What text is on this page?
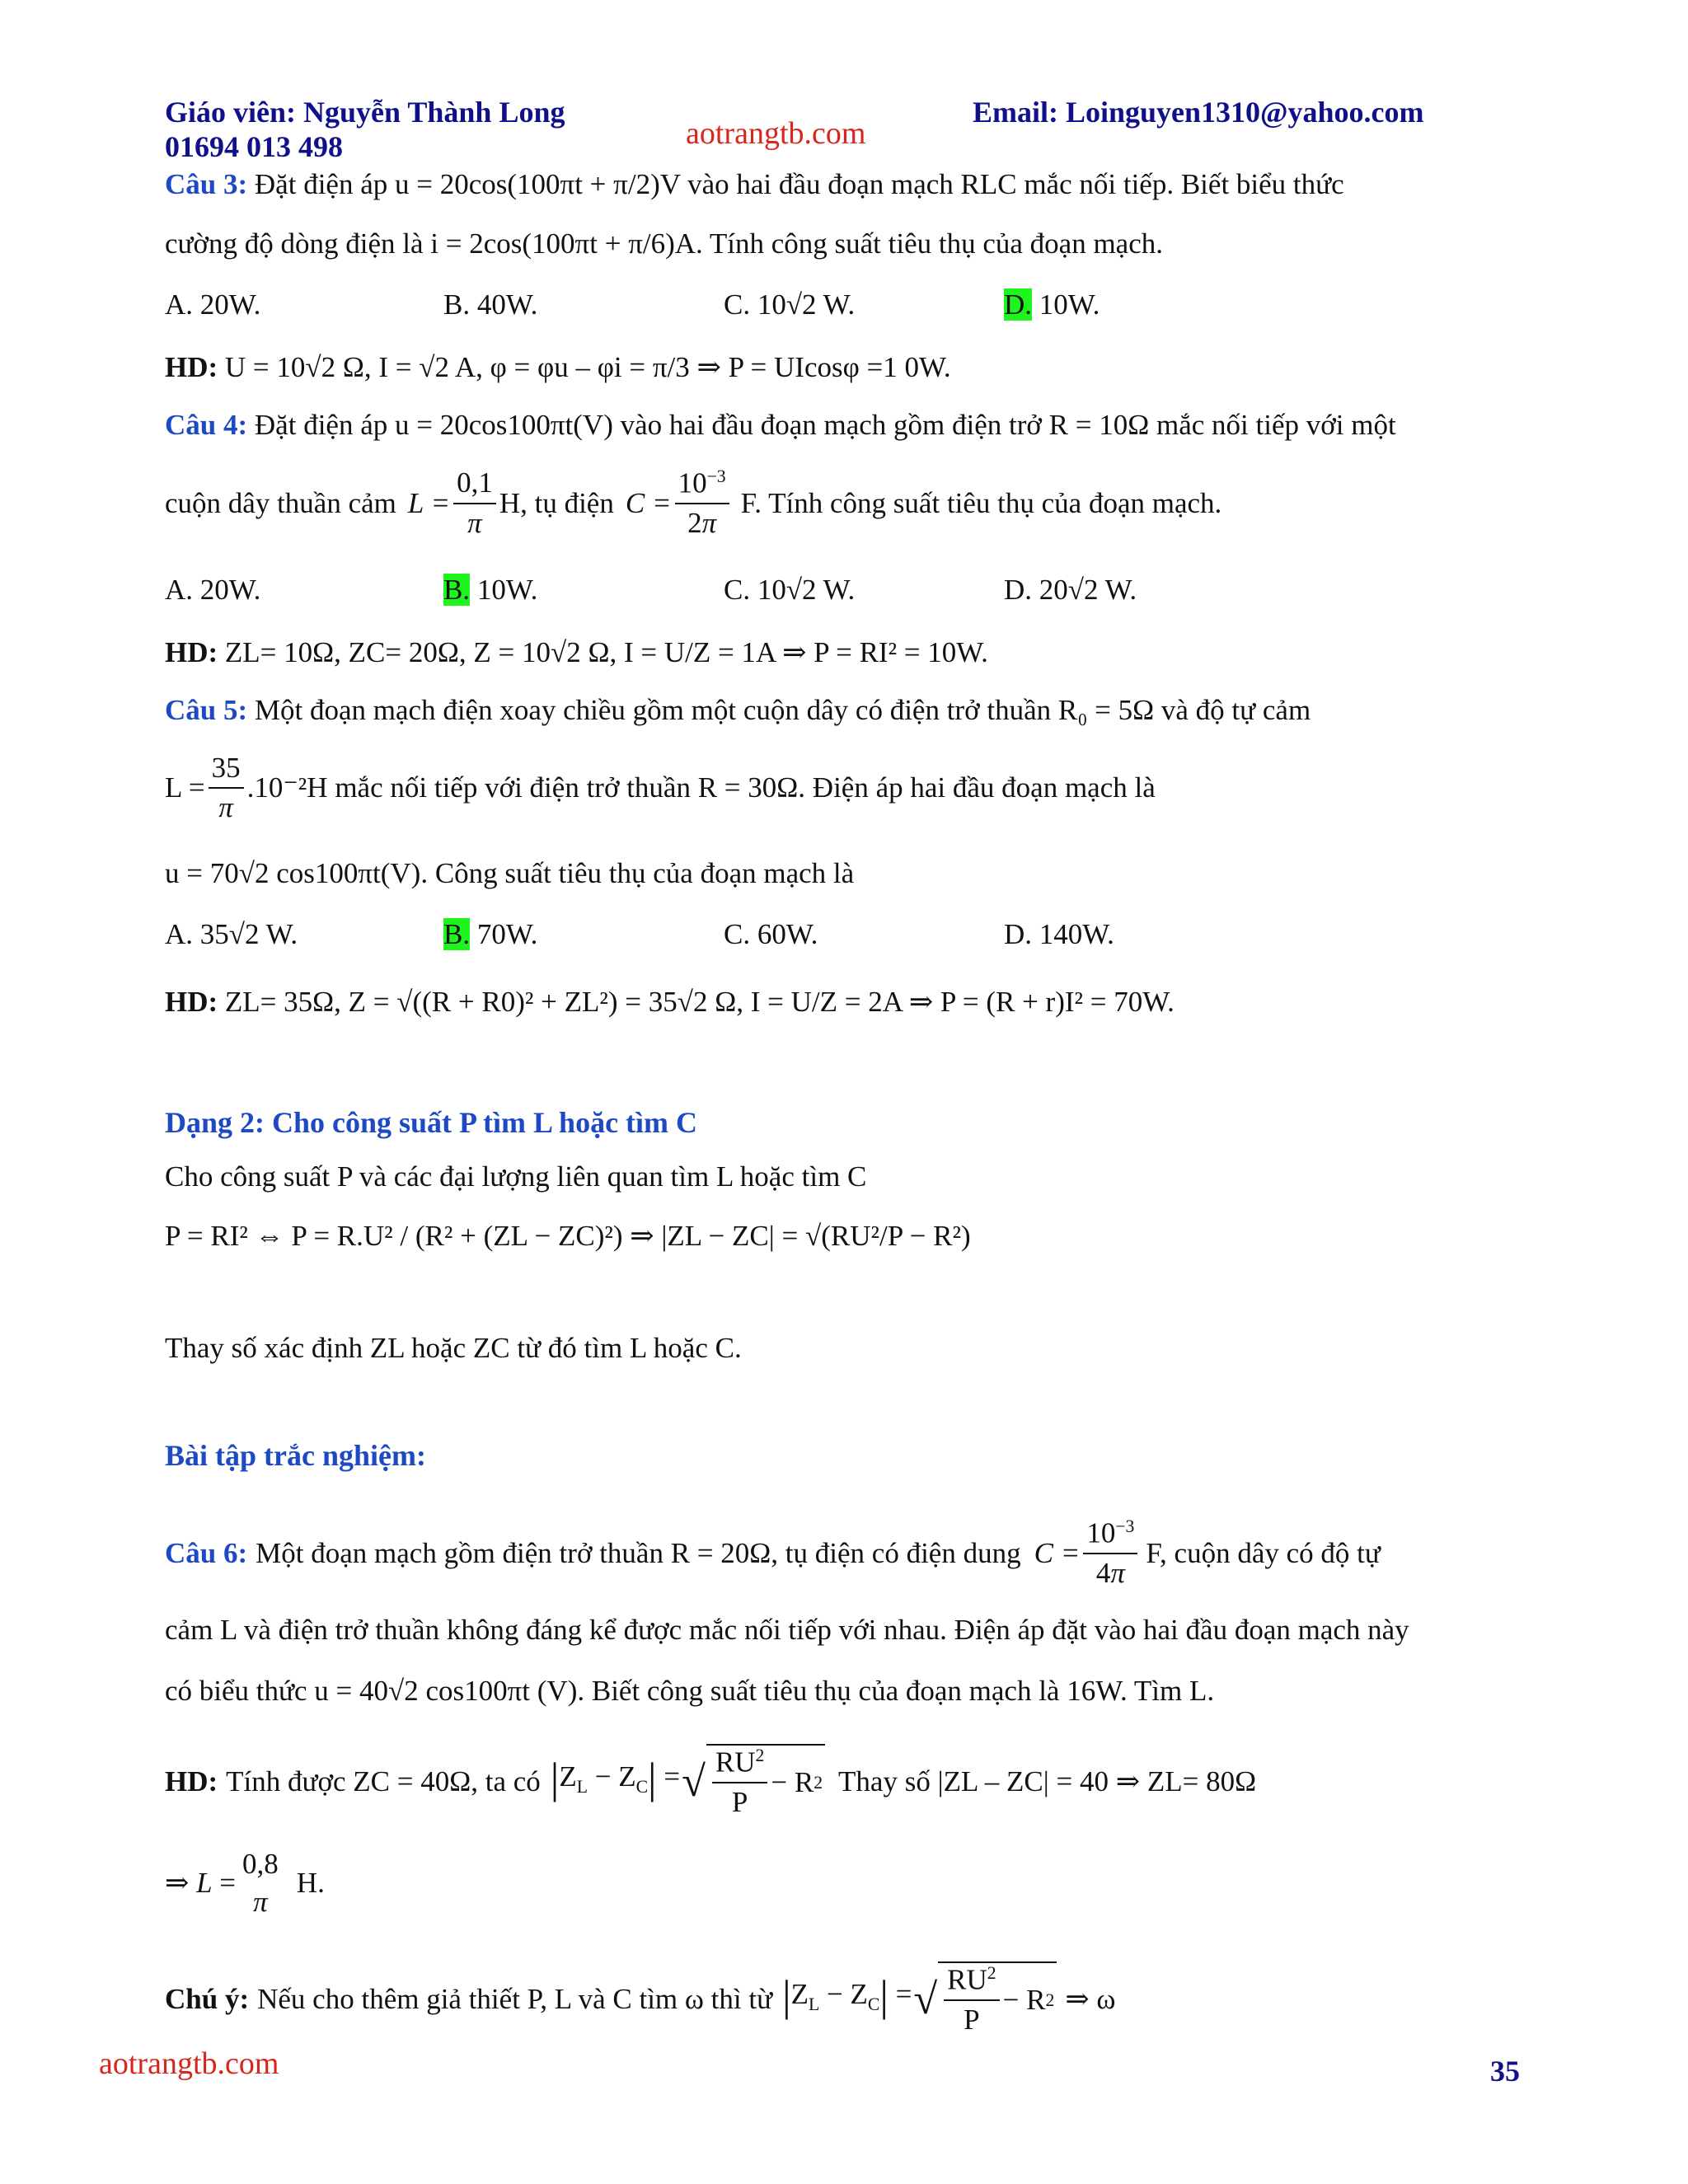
Giáo viên: Nguyễn Thành Long
01694 013 498	aotrangtb.com
Email: Loinguyen1310@yahoo.com
Câu 3: Đặt điện áp u = 20cos(100πt + π/2)V vào hai đầu đoạn mạch RLC mắc nối tiếp. Biết biểu thức
cường độ dòng điện là i = 2cos(100πt + π/6)A. Tính công suất tiêu thụ của đoạn mạch.
A. 20W.	B. 40W.	C. 10√2 W.	D. 10W.
HD: U = 10√2 Ω, I = √2 A, φ = φu – φi = π/3 ⇒ P = UIcosφ =1 0W.
Câu 4: Đặt điện áp u = 20cos100πt(V) vào hai đầu đoạn mạch gồm điện trở R = 10Ω mắc nối tiếp với một
cuộn dây thuần cảm $L = \frac{0,1}{\pi} H$, tụ điện $C = \frac{10^{-3}}{2\pi} F$. Tính công suất tiêu thụ của đoạn mạch.
A. 20W.	B. 10W.	C. 10√2 W.	D. 20√2 W.
HD: ZL= 10Ω, ZC= 20Ω, Z = 10√2 Ω, I = U/Z = 1A ⇒ P = RI² = 10W.
Câu 5: Một đoạn mạch điện xoay chiều gồm một cuộn dây có điện trở thuần R₀ = 5Ω và độ tự cảm
$L = \frac{35}{\pi} .10^{-2}H$ mắc nối tiếp với điện trở thuần R = 30Ω. Điện áp hai đầu đoạn mạch là
u = 70√2 cos100πt(V). Công suất tiêu thụ của đoạn mạch là
A. 35√2 W.	B. 70W.	C. 60W.	D. 140W.
HD: ZL= 35Ω, Z = √((R + R0)² + ZL²) = 35√2 Ω, I = U/Z = 2A ⇒ P = (R + r)I² = 70W.
Dạng 2: Cho công suất P tìm L hoặc tìm C
Cho công suất P và các đại lượng liên quan tìm L hoặc tìm C
P = RI² ⇔ P = R.U² / (R² + (ZL − ZC)²) ⇒ |ZL − ZC| = √(RU²/P − R²)
Thay số xác định ZL hoặc ZC từ đó tìm L hoặc C.
Bài tập trắc nghiệm:
Câu 6: Một đoạn mạch gồm điện trở thuần R = 20Ω, tụ điện có điện dung $C = \frac{10^{-3}}{4\pi} F$, cuộn dây có độ tự
cảm L và điện trở thuần không đáng kể được mắc nối tiếp với nhau. Điện áp đặt vào hai đầu đoạn mạch này
có biểu thức u = 40√2 cos100πt (V). Biết công suất tiêu thụ của đoạn mạch là 16W. Tìm L.
HD: Tính được ZC = 40Ω, ta có $|Z_L - Z_C|$ = √ $\frac{RU^2}{P} - R$ 2 Thay số |ZL – ZC| = 40 ⇒ ZL= 80Ω
⇒ L =
0,8
π
H.
Chú ý: Nếu cho thêm giả thiết P, L và C tìm ω thì từ $|Z_L - Z_C|$ = √ $\frac{RU^2}{P} - R$ 2 ⇒ ω
aotrangtb.com	35
